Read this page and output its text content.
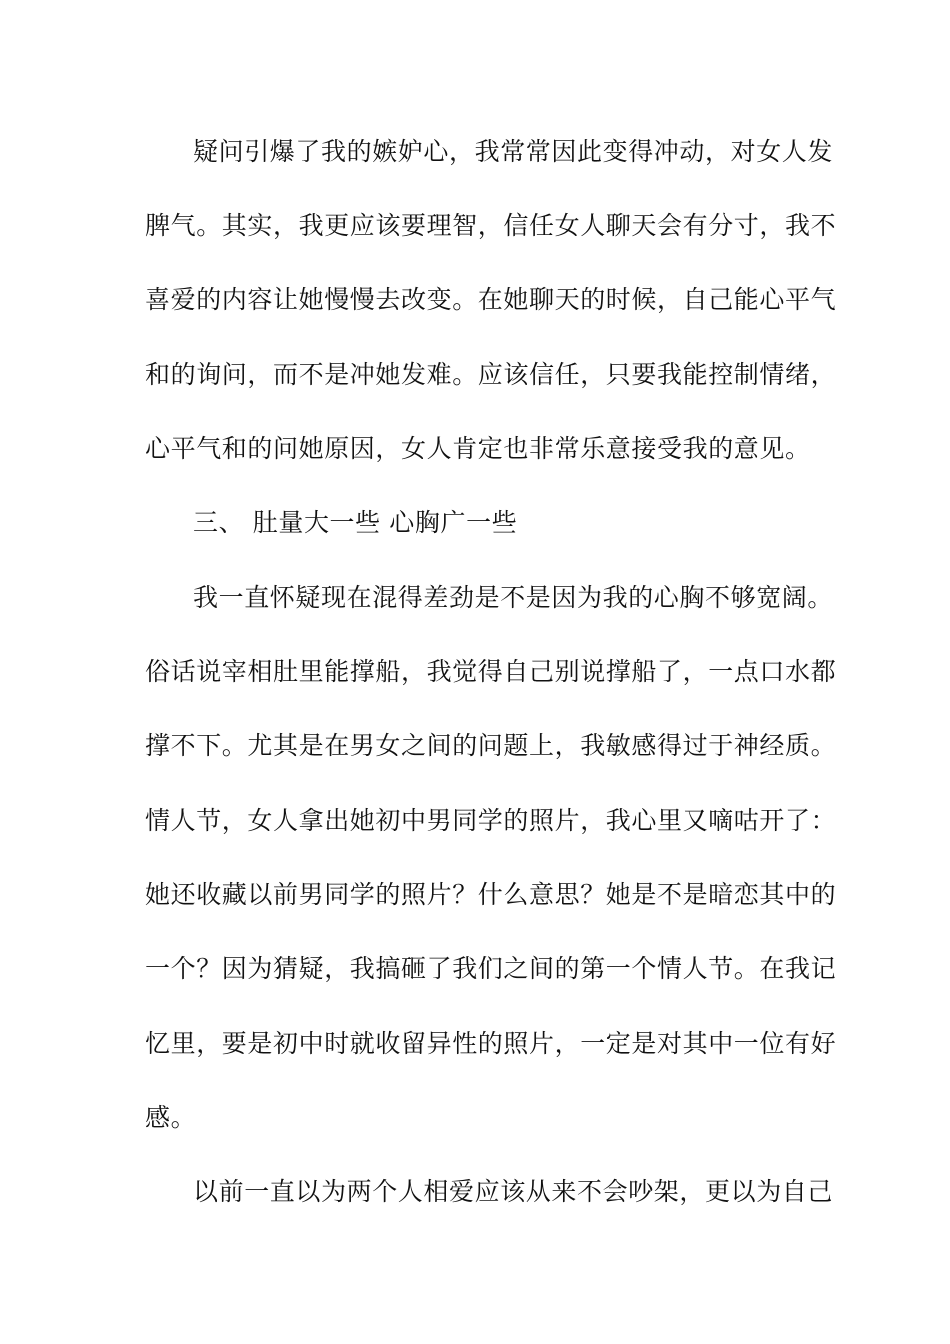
疑问引爆了我的嫉妒心，我常常因此变得冲动，对女人发
脾气。其实，我更应该要理智，信任女人聊天会有分寸，我不
喜爱的内容让她慢慢去改变。在她聊天的时候，自己能心平气
和的询问，而不是冲她发难。应该信任，只要我能控制情绪，
心平气和的问她原因，女人肯定也非常乐意接受我的意见。
三、 肚量大一些 心胸广一些
我一直怀疑现在混得差劲是不是因为我的心胸不够宽阔。
俗话说宰相肚里能撑船，我觉得自己别说撑船了，一点口水都
撑不下。尤其是在男女之间的问题上，我敏感得过于神经质。
情人节，女人拿出她初中男同学的照片，我心里又嘀咕开了：
她还收藏以前男同学的照片？什么意思？她是不是暗恋其中的
一个？因为猜疑，我搞砸了我们之间的第一个情人节。在我记
忆里，要是初中时就收留异性的照片，一定是对其中一位有好
感。
以前一直以为两个人相爱应该从来不会吵架，更以为自己
